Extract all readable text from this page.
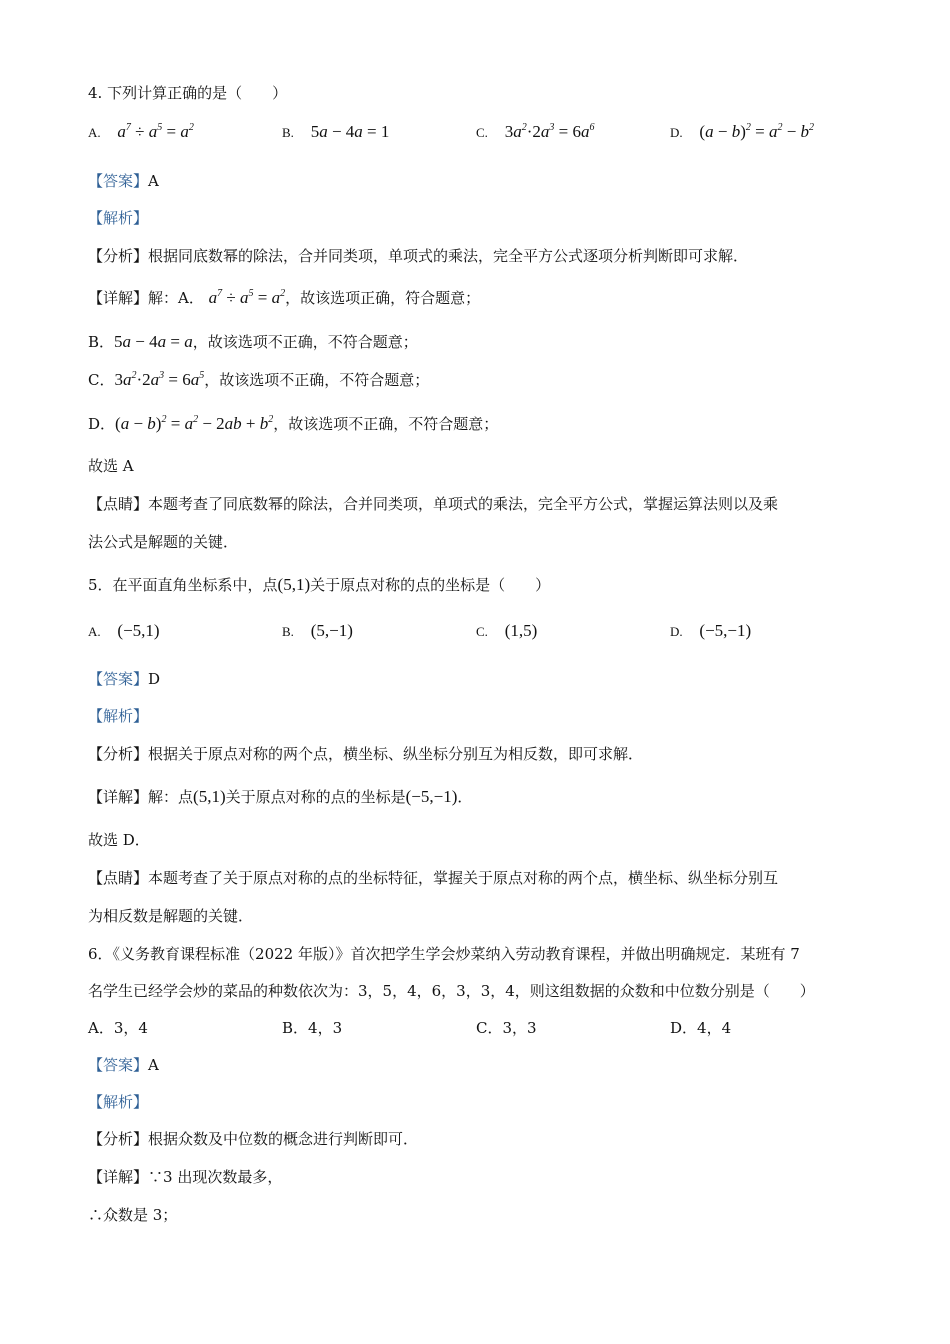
4. 下列计算正确的是（　　）
A. $a^7 \div a^5 = a^2$	B. 5a − 4a = 1	C. $3a^2\cdot 2a^3 = 6a^6$	D. $(a - b)^2 = a^2 - b^2$
【答案】A
【解析】
【分析】根据同底数幂的除法，合并同类项，单项式的乘法，完全平方公式逐项分析判断即可求解．
【详解】解：A． $a^7 \div a^5 = a^2$，故该选项正确，符合题意；
B．5a − 4a = a，故该选项不正确，不符合题意；
C．$3a^2\cdot 2a^3 = 6a^5$，故该选项不正确，不符合题意；
D．$(a - b)^2 = a^2 - 2ab + b^2$，故该选项不正确，不符合题意；
故选 A
【点睛】本题考查了同底数幂的除法，合并同类项，单项式的乘法，完全平方公式，掌握运算法则以及乘
法公式是解题的关键．
5．在平面直角坐标系中，点(5,1)关于原点对称的点的坐标是（　　）
A. (−5,1)	B. (5,−1)	C. (1,5)	D. (−5,−1)
【答案】D
【解析】
【分析】根据关于原点对称的两个点，横坐标、纵坐标分别互为相反数，即可求解．
【详解】解：点(5,1)关于原点对称的点的坐标是(−5,−1)．
故选 D．
【点睛】本题考查了关于原点对称的点的坐标特征，掌握关于原点对称的两个点，横坐标、纵坐标分别互
为相反数是解题的关键．
6．《义务教育课程标准（2022 年版）》首次把学生学会炒菜纳入劳动教育课程，并做出明确规定．某班有 7
名学生已经学会炒的菜品的种数依次为：3，5，4，6，3，3，4，则这组数据的众数和中位数分别是（　　）
A．3，4	B．4，3	C．3，3	D．4，4
【答案】A
【解析】
【分析】根据众数及中位数的概念进行判断即可．
【详解】∵3 出现次数最多，
∴众数是 3；
